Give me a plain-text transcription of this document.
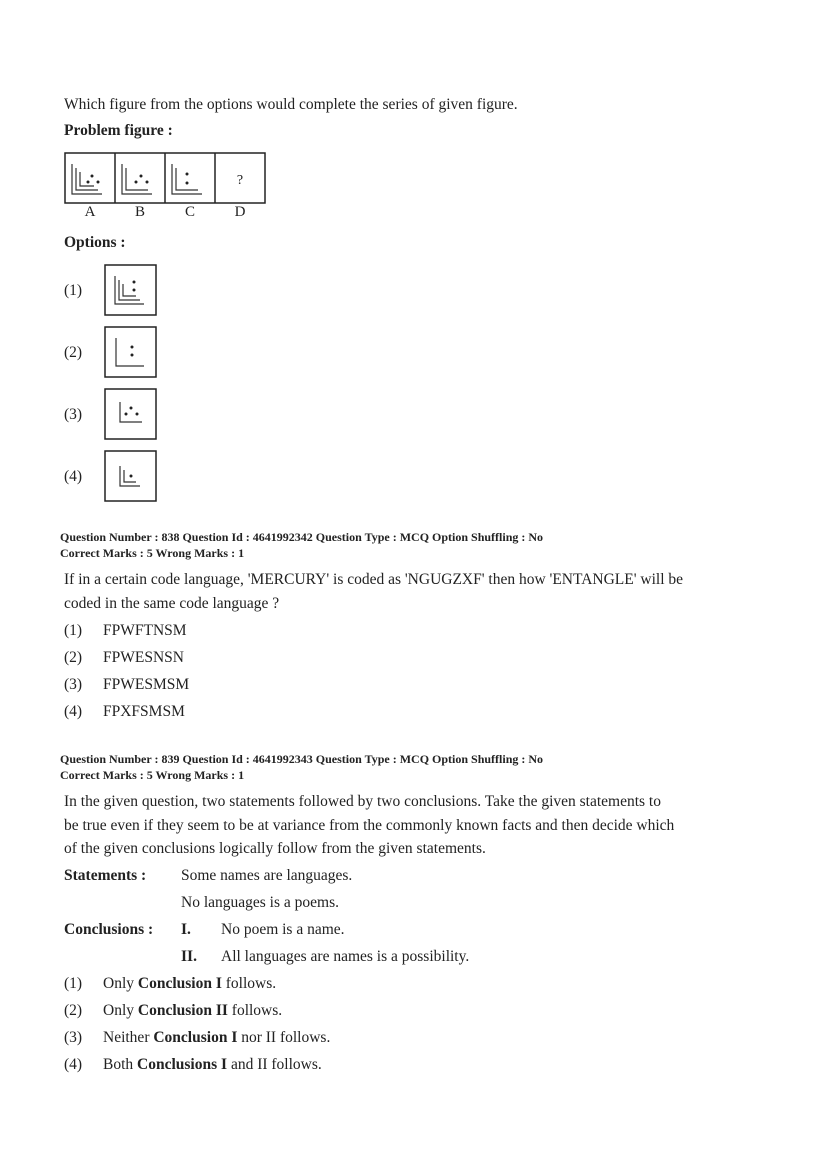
Which figure from the options would complete the series of given figure.
Problem figure :
?
A	B	C	D
Options :
(1)
(2)
(3)
(4)
Question Number : 838 Question Id : 4641992342 Question Type : MCQ Option Shuffling : No
Correct Marks : 5 Wrong Marks : 1
If in a certain code language, 'MERCURY' is coded as 'NGUGZXF' then how 'ENTANGLE' will be
coded in the same code language ?
(1) FPWFTNSM
(2) FPWESNSN
(3) FPWESMSM
(4) FPXFSMSM
Question Number : 839 Question Id : 4641992343 Question Type : MCQ Option Shuffling : No
Correct Marks : 5 Wrong Marks : 1
In the given question, two statements followed by two conclusions. Take the given statements to
be true even if they seem to be at variance from the commonly known facts and then decide which
of the given conclusions logically follow from the given statements.
Statements : Some names are languages.
No languages is a poems.
Conclusions : I. No poem is a name.
II. All languages are names is a possibility.
(1) Only Conclusion I follows.
(2) Only Conclusion II follows.
(3) Neither Conclusion I nor II follows.
(4) Both Conclusions I and II follows.
